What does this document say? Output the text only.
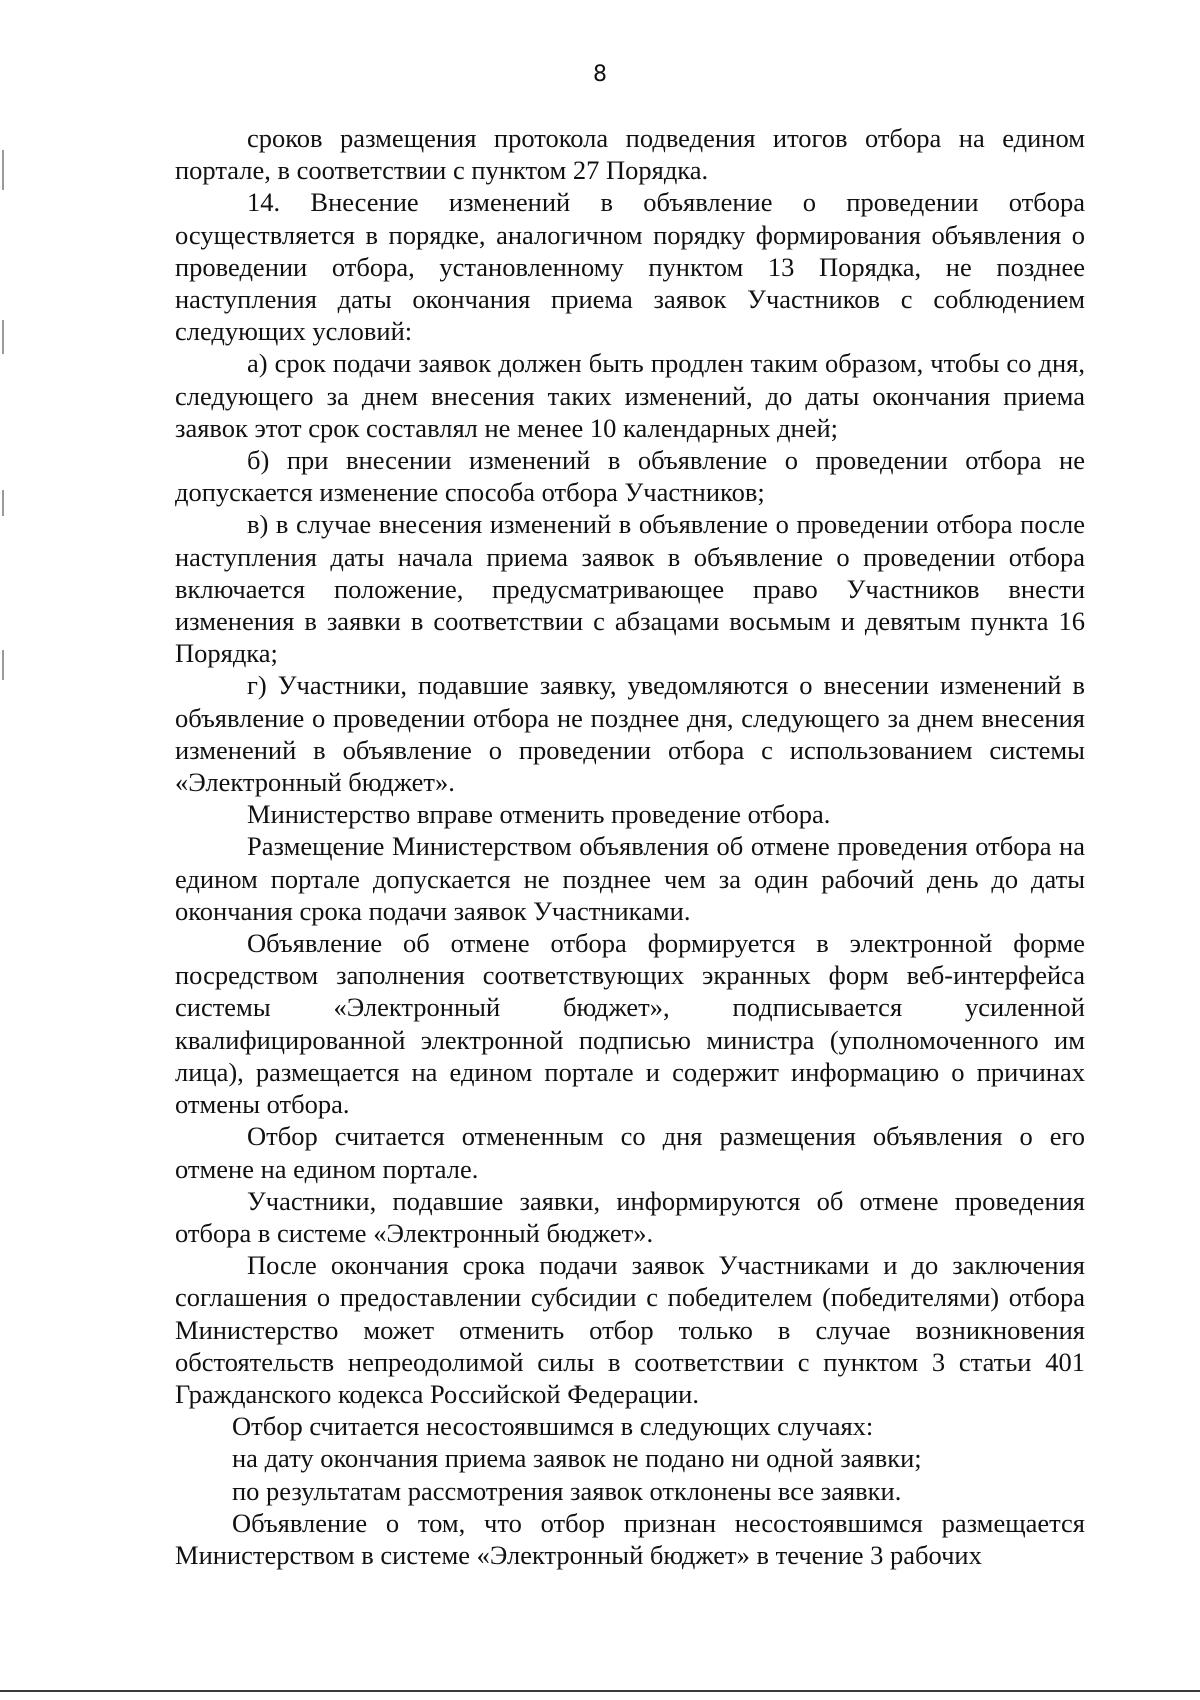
8

сроков размещения протокола подведения итогов отбора на едином портале, в соответствии с пунктом 27 Порядка.

14. Внесение изменений в объявление о проведении отбора осуществляется в порядке, аналогичном порядку формирования объявления о проведении отбора, установленному пунктом 13 Порядка, не позднее наступления даты окончания приема заявок Участников с соблюдением следующих условий:

а) срок подачи заявок должен быть продлен таким образом, чтобы со дня, следующего за днем внесения таких изменений, до даты окончания приема заявок этот срок составлял не менее 10 календарных дней;

б) при внесении изменений в объявление о проведении отбора не допускается изменение способа отбора Участников;

в) в случае внесения изменений в объявление о проведении отбора после наступления даты начала приема заявок в объявление о проведении отбора включается положение, предусматривающее право Участников внести изменения в заявки в соответствии с абзацами восьмым и девятым пункта 16 Порядка;

г) Участники, подавшие заявку, уведомляются о внесении изменений в объявление о проведении отбора не позднее дня, следующего за днем внесения изменений в объявление о проведении отбора с использованием системы «Электронный бюджет».

Министерство вправе отменить проведение отбора.

Размещение Министерством объявления об отмене проведения отбора на едином портале допускается не позднее чем за один рабочий день до даты окончания срока подачи заявок Участниками.

Объявление об отмене отбора формируется в электронной форме посредством заполнения соответствующих экранных форм веб-интерфейса системы «Электронный бюджет», подписывается усиленной квалифицированной электронной подписью министра (уполномоченного им лица), размещается на едином портале и содержит информацию о причинах отмены отбора.

Отбор считается отмененным со дня размещения объявления о его отмене на едином портале.

Участники, подавшие заявки, информируются об отмене проведения отбора в системе «Электронный бюджет».

После окончания срока подачи заявок Участниками и до заключения соглашения о предоставлении субсидии с победителем (победителями) отбора Министерство может отменить отбор только в случае возникновения обстоятельств непреодолимой силы в соответствии с пунктом 3 статьи 401 Гражданского кодекса Российской Федерации.

Отбор считается несостоявшимся в следующих случаях:

на дату окончания приема заявок не подано ни одной заявки;

по результатам рассмотрения заявок отклонены все заявки.

Объявление о том, что отбор признан несостоявшимся размещается Министерством в системе «Электронный бюджет» в течение 3 рабочих
